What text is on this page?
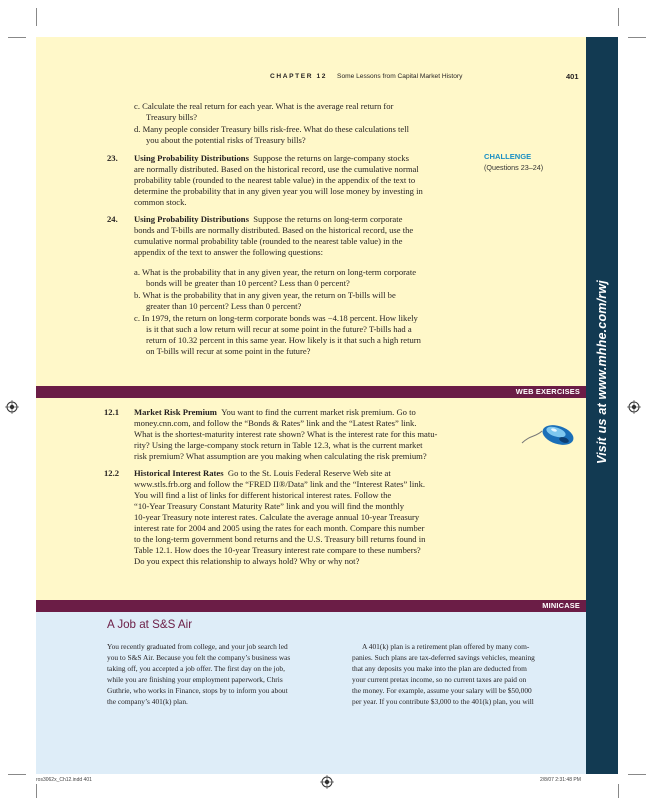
Visit us at www.mhhe.com/rwj
CHAPTER 12 Some Lessons from Capital Market History	401
c. Calculate the real return for each year. What is the average real return for
Treasury bills?
d. Many people consider Treasury bills risk-free. What do these calculations tell
you about the potential risks of Treasury bills?
CHALLENGE
(Questions 23–24)
23. Using Probability Distributions Suppose the returns on large-company stocks
are normally distributed. Based on the historical record, use the cumulative normal
probability table (rounded to the nearest table value) in the appendix of the text to
determine the probability that in any given year you will lose money by investing in
common stock.
24. Using Probability Distributions Suppose the returns on long-term corporate
bonds and T-bills are normally distributed. Based on the historical record, use the
cumulative normal probability table (rounded to the nearest table value) in the
appendix of the text to answer the following questions:
a. What is the probability that in any given year, the return on long-term corporate
bonds will be greater than 10 percent? Less than 0 percent?
b. What is the probability that in any given year, the return on T-bills will be
greater than 10 percent? Less than 0 percent?
c. In 1979, the return on long-term corporate bonds was −4.18 percent. How likely
is it that such a low return will recur at some point in the future? T-bills had a
return of 10.32 percent in this same year. How likely is it that such a high return
on T-bills will recur at some point in the future?
WEB EXERCISES
12.1 Market Risk Premium You want to find the current market risk premium. Go to
money.cnn.com, and follow the “Bonds & Rates” link and the “Latest Rates” link.
What is the shortest-maturity interest rate shown? What is the interest rate for this matu-
rity? Using the large-company stock return in Table 12.3, what is the current market
risk premium? What assumption are you making when calculating the risk premium?
12.2 Historical Interest Rates Go to the St. Louis Federal Reserve Web site at
www.stls.frb.org and follow the “FRED II®/Data” link and the “Interest Rates” link.
You will find a list of links for different historical interest rates. Follow the
“10-Year Treasury Constant Maturity Rate” link and you will find the monthly
10-year Treasury note interest rates. Calculate the average annual 10-year Treasury
interest rate for 2004 and 2005 using the rates for each month. Compare this number
to the long-term government bond returns and the U.S. Treasury bill returns found in
Table 12.1. How does the 10-year Treasury interest rate compare to these numbers?
Do you expect this relationship to always hold? Why or why not?
MINICASE
A Job at S&S Air
You recently graduated from college, and your job search led
you to S&S Air. Because you felt the company’s business was
taking off, you accepted a job offer. The first day on the job,
while you are finishing your employment paperwork, Chris
Guthrie, who works in Finance, stops by to inform you about
the company’s 401(k) plan.
A 401(k) plan is a retirement plan offered by many com-
panies. Such plans are tax-deferred savings vehicles, meaning
that any deposits you make into the plan are deducted from
your current pretax income, so no current taxes are paid on
the money. For example, assume your salary will be $50,000
per year. If you contribute $3,000 to the 401(k) plan, you will
ros3062x_Ch12.indd 401	2/8/07 2:31:48 PM
